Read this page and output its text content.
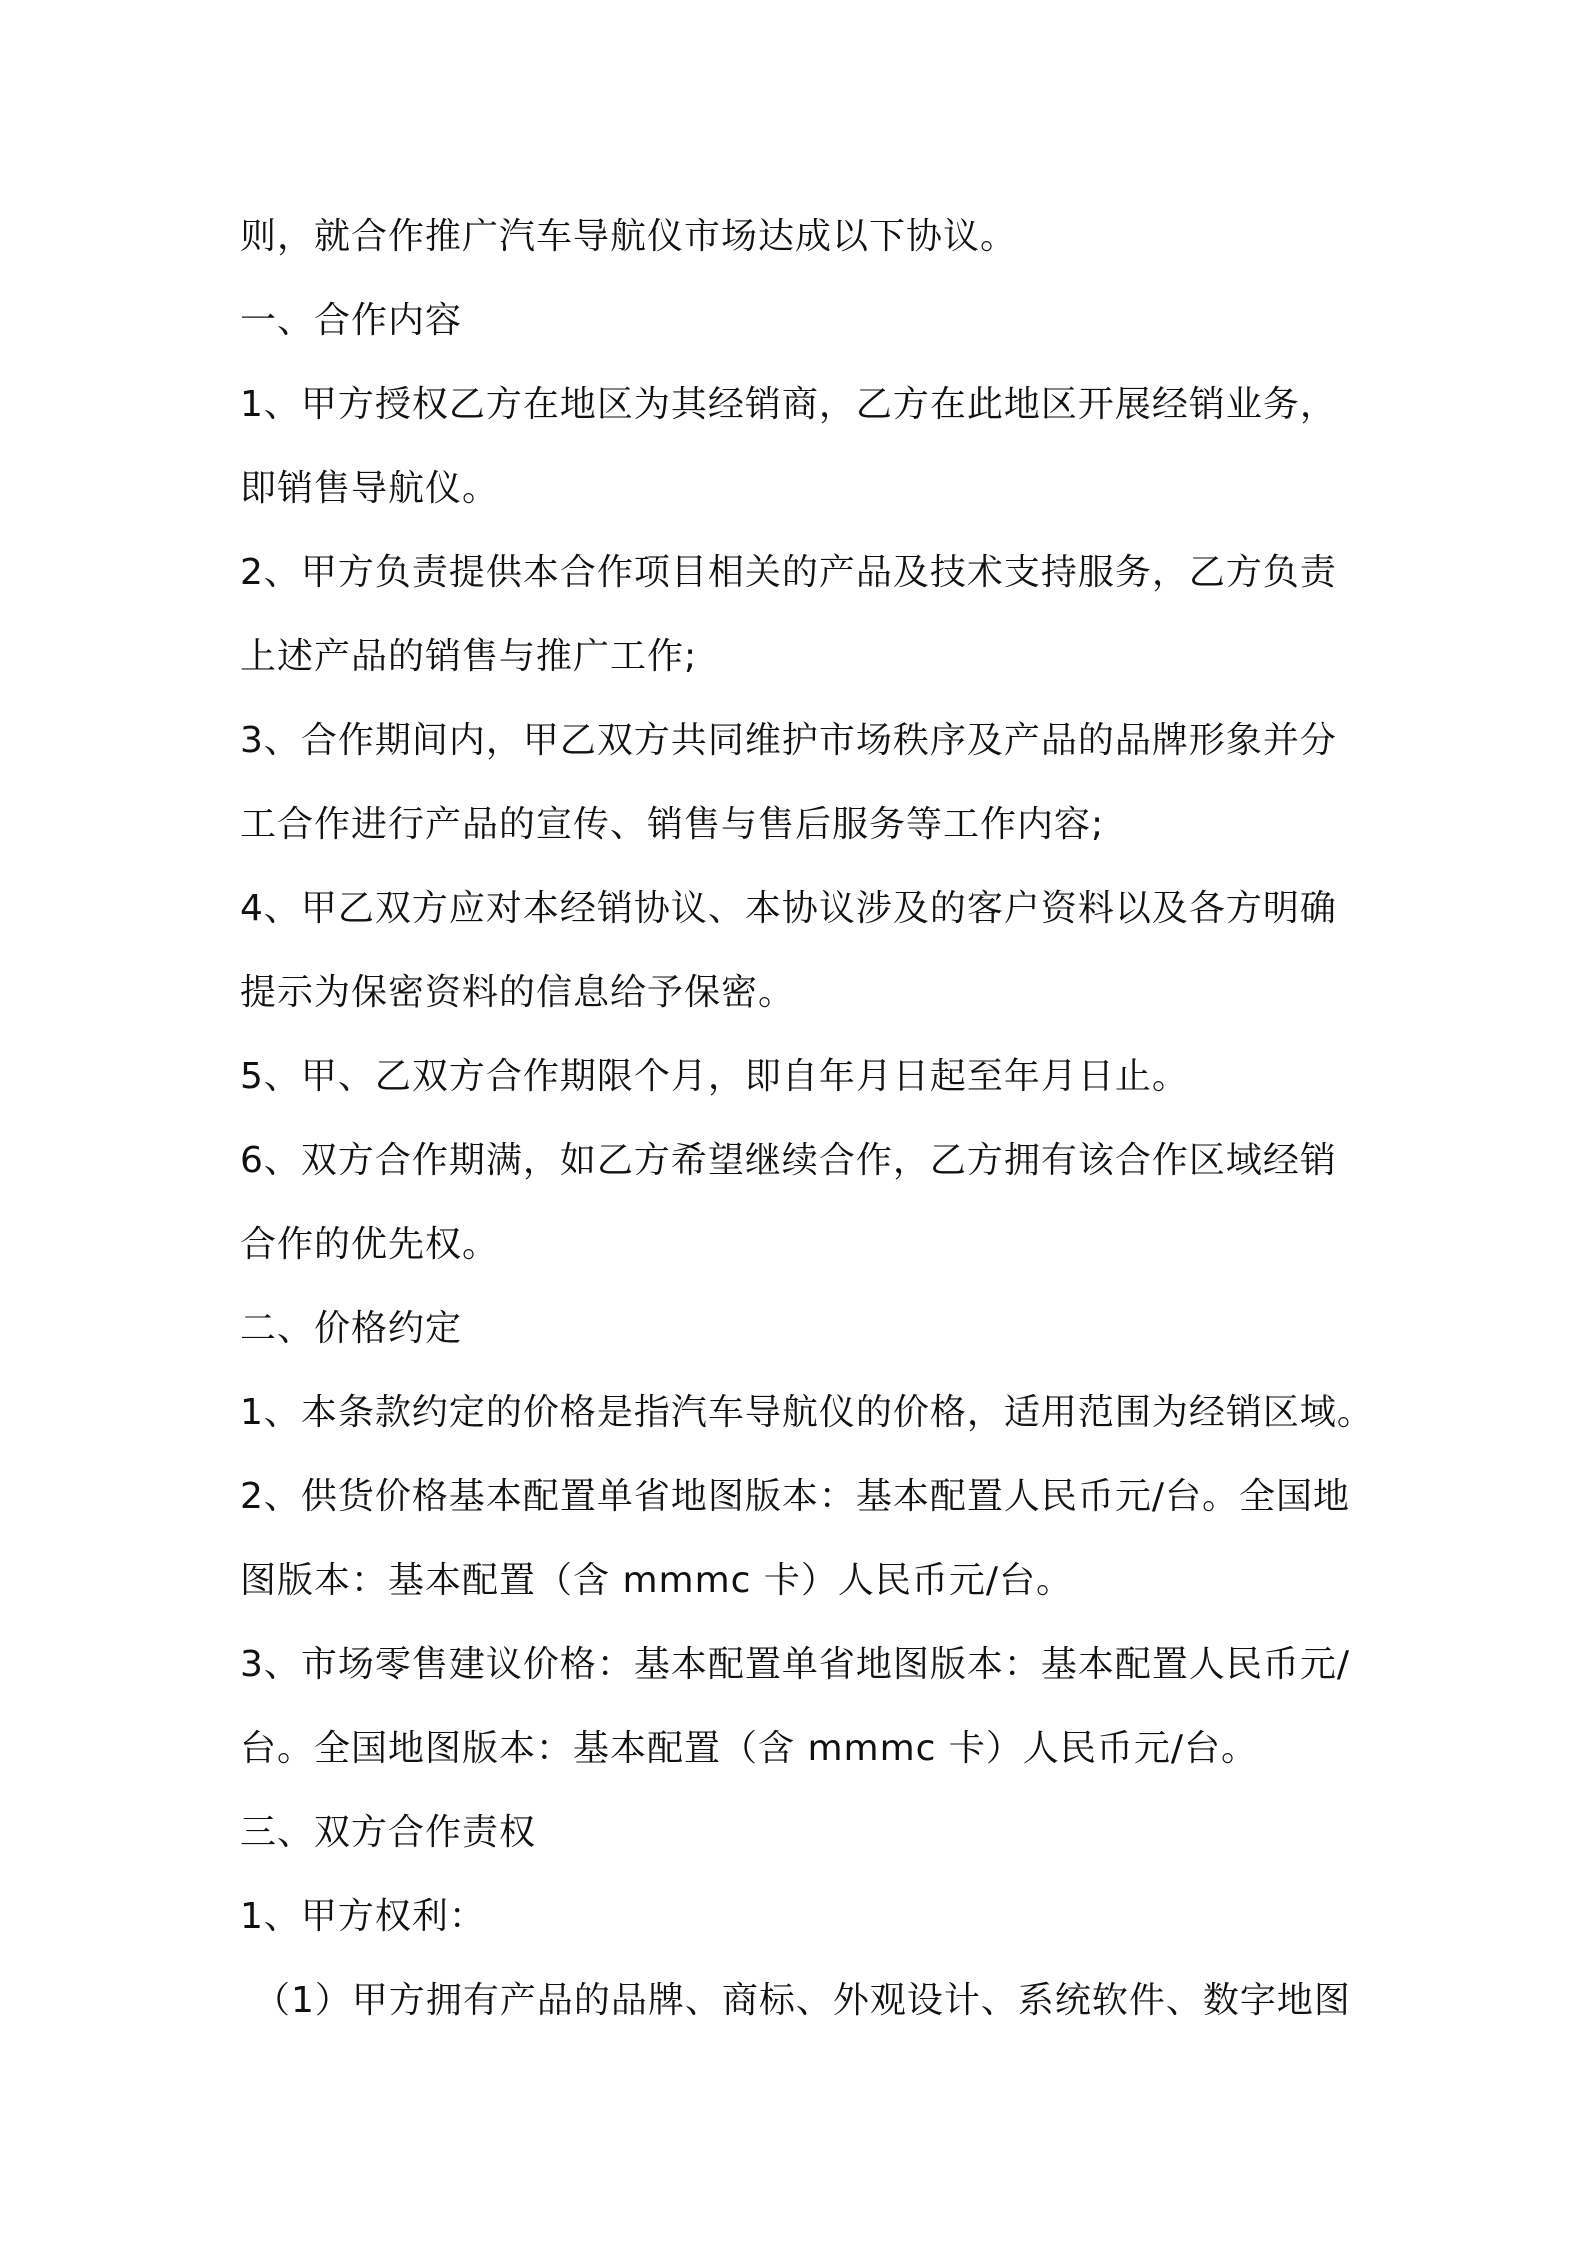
则，就合作推广汽车导航仪市场达成以下协议。
一、合作内容
1、甲方授权乙方在地区为其经销商，乙方在此地区开展经销业务，
即销售导航仪。
2、甲方负责提供本合作项目相关的产品及技术支持服务，乙方负责
上述产品的销售与推广工作;
3、合作期间内，甲乙双方共同维护市场秩序及产品的品牌形象并分
工合作进行产品的宣传、销售与售后服务等工作内容;
4、甲乙双方应对本经销协议、本协议涉及的客户资料以及各方明确
提示为保密资料的信息给予保密。
5、甲、乙双方合作期限个月，即自年月日起至年月日止。
6、双方合作期满，如乙方希望继续合作，乙方拥有该合作区域经销
合作的优先权。
二、价格约定
1、本条款约定的价格是指汽车导航仪的价格，适用范围为经销区域。
2、供货价格基本配置单省地图版本：基本配置人民币元/台。全国地
图版本：基本配置（含 mmmc 卡）人民币元/台。
3、市场零售建议价格：基本配置单省地图版本：基本配置人民币元/
台。全国地图版本：基本配置（含 mmmc 卡）人民币元/台。
三、双方合作责权
1、甲方权利：
（1）甲方拥有产品的品牌、商标、外观设计、系统软件、数字地图
